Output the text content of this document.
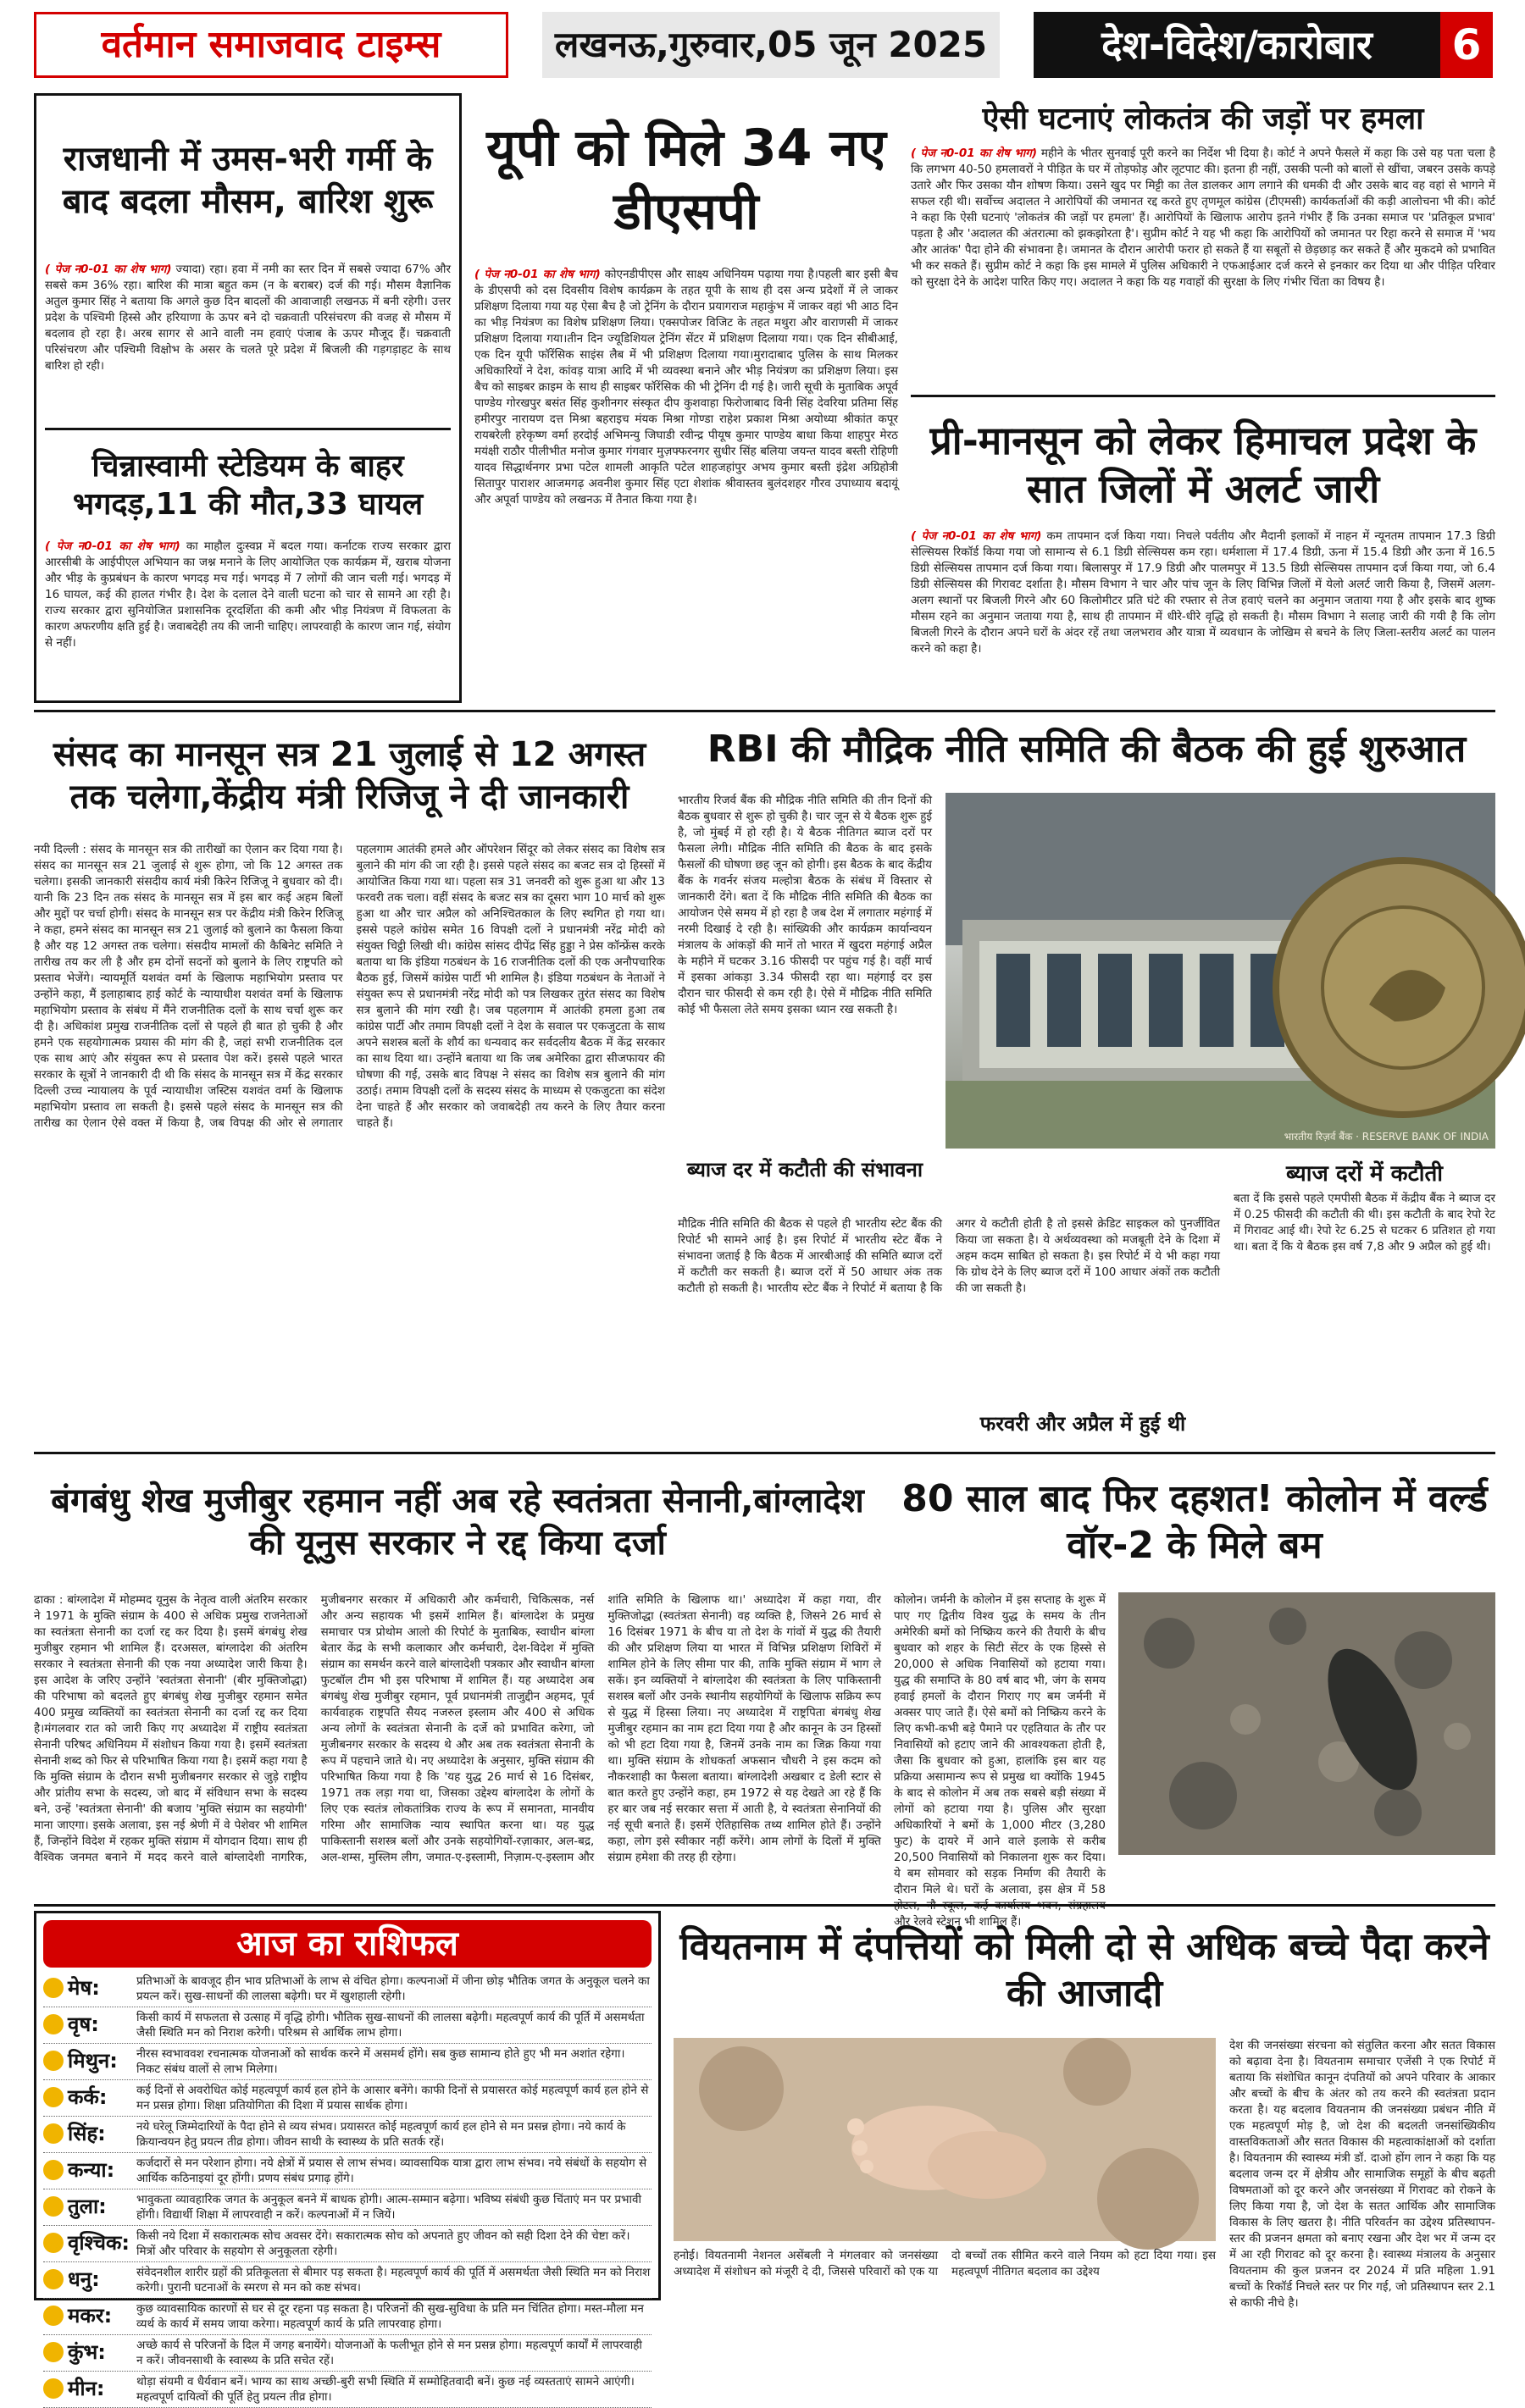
वर्तमान समाजवाद टाइम्स	लखनऊ,गुरुवार,05 जून 2025	देश-विदेश/कारोबार	6
राजधानी में उमस-भरी गर्मी के बाद बदला मौसम, बारिश शुरू
( पेज न0-01 का शेष भाग) ज्यादा) रहा। हवा में नमी का स्तर दिन में सबसे ज्यादा 67% और सबसे कम 36% रहा। बारिश की मात्रा बहुत कम (न के बराबर) दर्ज की गई। मौसम वैज्ञानिक अतुल कुमार सिंह ने बताया कि अगले कुछ दिन बादलों की आवाजाही लखनऊ में बनी रहेगी। उत्तर प्रदेश के पश्चिमी हिस्से और हरियाणा के ऊपर बने दो चक्रवाती परिसंचरण की वजह से मौसम में बदलाव हो रहा है। अरब सागर से आने वाली नम हवाएं पंजाब के ऊपर मौजूद हैं। चक्रवाती परिसंचरण और पश्चिमी विक्षोभ के असर के चलते पूरे प्रदेश में बिजली की गड़गड़ाहट के साथ बारिश हो रही।
चिन्नास्वामी स्टेडियम के बाहर भगदड़,11 की मौत,33 घायल
( पेज न0-01 का शेष भाग) का माहौल दुःस्वप्न में बदल गया। कर्नाटक राज्य सरकार द्वारा आरसीबी के आईपीएल अभियान का जश्न मनाने के लिए आयोजित एक कार्यक्रम में, खराब योजना और भीड़ के कुप्रबंधन के कारण भगदड़ मच गई। भगदड़ में 7 लोगों की जान चली गई। भगदड़ में 16 घायल, कई की हालत गंभीर है। देश के दलाल देने वाली घटना को चार से सामने आ रही है। राज्य सरकार द्वारा सुनियोजित प्रशासनिक दूरदर्शिता की कमी और भीड़ नियंत्रण में विफलता के कारण अफरणीय क्षति हुई है। जवाबदेही तय की जानी चाहिए। लापरवाही के कारण जान गई, संयोग से नहीं।
यूपी को मिले 34 नए डीएसपी
( पेज न0-01 का शेष भाग) कोएनडीपीएस और साक्ष्य अधिनियम पढ़ाया गया है।पहली बार इसी बैच के डीएसपी को दस दिवसीय विशेष कार्यक्रम के तहत यूपी के साथ ही दस अन्य प्रदेशों में ले जाकर प्रशिक्षण दिलाया गया यह ऐसा बैच है जो ट्रेनिंग के दौरान प्रयागराज महाकुंभ में जाकर वहां भी आठ दिन का भीड़ नियंत्रण का विशेष प्रशिक्षण लिया। एक्सपोजर विजिट के तहत मथुरा और वाराणसी में जाकर प्रशिक्षण दिलाया गया।तीन दिन ज्यूडिशियल ट्रेनिंग सेंटर में प्रशिक्षण दिलाया गया। एक दिन सीबीआई, एक दिन यूपी फॉरेंसिक साइंस लैब में भी प्रशिक्षण दिलाया गया।मुरादाबाद पुलिस के साथ मिलकर अधिकारियों ने देश, कांवड़ यात्रा आदि में भी व्यवस्था बनाने और भीड़ नियंत्रण का प्रशिक्षण लिया। इस बैच को साइबर क्राइम के साथ ही साइबर फॉरेंसिक की भी ट्रेनिंग दी गई है। जारी सूची के मुताबिक अपूर्व पाण्डेय गोरखपुर बसंत सिंह कुशीनगर संस्कृत दीप कुशवाहा फिरोजाबाद विनी सिंह देवरिया प्रतिमा सिंह हमीरपुर नारायण दत्त मिश्रा बहराइच मंयक मिश्रा गोण्डा राहेश प्रकाश मिश्रा अयोध्या श्रीकांत कपूर रायबरेली हरेकृष्ण वर्मा हरदोई अभिमन्यु जिघाडी रवीन्द्र पीयूष कुमार पाण्डेय बाधा किया शाहपुर मेरठ मयंक्षी राठौर पीलीभीत मनोज कुमार गंगवार मुज़फ्फरनगर सुधीर सिंह बलिया जयन्त यादव बस्ती रोहिणी यादव सिद्धार्थनगर प्रभा पटेल शामली आकृति पटेल शाहजहांपुर अभय कुमार बस्ती इंद्रेश अग्रिहोत्री सितापुर पाराशर आजमगढ़ अवनीश कुमार सिंह एटा शेशांक श्रीवास्तव बुलंदशहर गौरव उपाध्याय बदायूं और अपूर्वा पाण्डेय को लखनऊ में तैनात किया गया है।
ऐसी घटनाएं लोकतंत्र की जड़ों पर हमला
( पेज न0-01 का शेष भाग) महीने के भीतर सुनवाई पूरी करने का निर्देश भी दिया है। कोर्ट ने अपने फैसले में कहा कि उसे यह पता चला है कि लगभग 40-50 हमलावरों ने पीड़ित के घर में तोड़फोड़ और लूटपाट की। इतना ही नहीं, उसकी पत्नी को बालों से खींचा, जबरन उसके कपड़े उतारे और फिर उसका यौन शोषण किया। उसने खुद पर मिट्टी का तेल डालकर आग लगाने की धमकी दी और उसके बाद वह वहां से भागने में सफल रही थी। सर्वोच्च अदालत ने आरोपियों की जमानत रद्द करते हुए तृणमूल कांग्रेस (टीएमसी) कार्यकर्ताओं की कड़ी आलोचना भी की। कोर्ट ने कहा कि ऐसी घटनाएं 'लोकतंत्र की जड़ों पर हमला' हैं। आरोपियों के खिलाफ आरोप इतने गंभीर हैं कि उनका समाज पर 'प्रतिकूल प्रभाव' पड़ता है और 'अदालत की अंतरात्मा को झकझोरता है'। सुप्रीम कोर्ट ने यह भी कहा कि आरोपियों को जमानत पर रिहा करने से समाज में 'भय और आतंक' पैदा होने की संभावना है। जमानत के दौरान आरोपी फरार हो सकते हैं या सबूतों से छेड़छाड़ कर सकते हैं और मुकदमे को प्रभावित भी कर सकते हैं। सुप्रीम कोर्ट ने कहा कि इस मामले में पुलिस अधिकारी ने एफआईआर दर्ज करने से इनकार कर दिया था और पीड़ित परिवार को सुरक्षा देने के आदेश पारित किए गए। अदालत ने कहा कि यह गवाहों की सुरक्षा के लिए गंभीर चिंता का विषय है।
प्री-मानसून को लेकर हिमाचल प्रदेश के सात जिलों में अलर्ट जारी
( पेज न0-01 का शेष भाग) कम तापमान दर्ज किया गया। निचले पर्वतीय और मैदानी इलाकों में नाहन में न्यूनतम तापमान 17.3 डिग्री सेल्सियस रिकॉर्ड किया गया जो सामान्य से 6.1 डिग्री सेल्सियस कम रहा। धर्मशाला में 17.4 डिग्री, ऊना में 15.4 डिग्री और ऊना में 16.5 डिग्री सेल्सियस तापमान दर्ज किया गया। बिलासपुर में 17.9 डिग्री और पालमपुर में 13.5 डिग्री सेल्सियस तापमान दर्ज किया गया, जो 6.4 डिग्री सेल्सियस की गिरावट दर्शाता है। मौसम विभाग ने चार और पांच जून के लिए विभिन्न जिलों में येलो अलर्ट जारी किया है, जिसमें अलग-अलग स्थानों पर बिजली गिरने और 60 किलोमीटर प्रति घंटे की रफ्तार से तेज हवाएं चलने का अनुमान जताया गया है और इसके बाद शुष्क मौसम रहने का अनुमान जताया गया है, साथ ही तापमान में धीरे-धीरे वृद्धि हो सकती है। मौसम विभाग ने सलाह जारी की गयी है कि लोग बिजली गिरने के दौरान अपने घरों के अंदर रहें तथा जलभराव और यात्रा में व्यवधान के जोखिम से बचने के लिए जिला-स्तरीय अलर्ट का पालन करने को कहा है।
संसद का मानसून सत्र 21 जुलाई से 12 अगस्त तक चलेगा,केंद्रीय मंत्री रिजिजू ने दी जानकारी
नयी दिल्ली : संसद के मानसून सत्र की तारीखों का ऐलान कर दिया गया है। संसद का मानसून सत्र 21 जुलाई से शुरू होगा, जो कि 12 अगस्त तक चलेगा। इसकी जानकारी संसदीय कार्य मंत्री किरेन रिजिजू ने बुधवार को दी। यानी कि 23 दिन तक संसद के मानसून सत्र में इस बार कई अहम बिलों और मुद्दों पर चर्चा होगी। संसद के मानसून सत्र पर केंद्रीय मंत्री किरेन रिजिजू ने कहा, हमने संसद का मानसून सत्र 21 जुलाई को बुलाने का फैसला किया है और यह 12 अगस्त तक चलेगा। संसदीय मामलों की कैबिनेट समिति ने तारीख तय कर ली है और हम दोनों सदनों को बुलाने के लिए राष्ट्रपति को प्रस्ताव भेजेंगे। न्यायमूर्ति यशवंत वर्मा के खिलाफ महाभियोग प्रस्ताव पर उन्होंने कहा, मैं इलाहाबाद हाई कोर्ट के न्यायाधीश यशवंत वर्मा के खिलाफ महाभियोग प्रस्ताव के संबंध में मैंने राजनीतिक दलों के साथ चर्चा शुरू कर दी है। अधिकांश प्रमुख राजनीतिक दलों से पहले ही बात हो चुकी है और हमने एक सहयोगात्मक प्रयास की मांग की है, जहां सभी राजनीतिक दल एक साथ आएं और संयुक्त रूप से प्रस्ताव पेश करें। इससे पहले भारत सरकार के सूत्रों ने जानकारी दी थी कि संसद के मानसून सत्र में केंद्र सरकार दिल्ली उच्च न्यायालय के पूर्व न्यायाधीश जस्टिस यशवंत वर्मा के खिलाफ महाभियोग प्रस्ताव ला सकती है। इससे पहले संसद के मानसून सत्र की तारीख का ऐलान ऐसे वक्त में किया है, जब विपक्ष की ओर से लगातार पहलगाम आतंकी हमले और ऑपरेशन सिंदूर को लेकर संसद का विशेष सत्र बुलाने की मांग की जा रही है। इससे पहले संसद का बजट सत्र दो हिस्सों में आयोजित किया गया था। पहला सत्र 31 जनवरी को शुरू हुआ था और 13 फरवरी तक चला। वहीं संसद के बजट सत्र का दूसरा भाग 10 मार्च को शुरू हुआ था और चार अप्रैल को अनिश्चितकाल के लिए स्थगित हो गया था। इससे पहले कांग्रेस समेत 16 विपक्षी दलों ने प्रधानमंत्री नरेंद्र मोदी को संयुक्त चिट्ठी लिखी थी। कांग्रेस सांसद दीपेंद्र सिंह हुड्डा ने प्रेस कॉन्फ्रेंस करके बताया था कि इंडिया गठबंधन के 16 राजनीतिक दलों की एक अनौपचारिक बैठक हुई, जिसमें कांग्रेस पार्टी भी शामिल है। इंडिया गठबंधन के नेताओं ने संयुक्त रूप से प्रधानमंत्री नरेंद्र मोदी को पत्र लिखकर तुरंत संसद का विशेष सत्र बुलाने की मांग रखी है। जब पहलगाम में आतंकी हमला हुआ तब कांग्रेस पार्टी और तमाम विपक्षी दलों ने देश के सवाल पर एकजुटता के साथ अपने सशस्त्र बलों के शौर्य का धन्यवाद कर सर्वदलीय बैठक में केंद्र सरकार का साथ दिया था। उन्होंने बताया था कि जब अमेरिका द्वारा सीजफायर की घोषणा की गई, उसके बाद विपक्ष ने संसद का विशेष सत्र बुलाने की मांग उठाई। तमाम विपक्षी दलों के सदस्य संसद के माध्यम से एकजुटता का संदेश देना चाहते हैं और सरकार को जवाबदेही तय करने के लिए तैयार करना चाहते हैं।
RBI की मौद्रिक नीति समिति की बैठक की हुई शुरुआत
भारतीय रिजर्व बैंक की मौद्रिक नीति समिति की तीन दिनों की बैठक बुधवार से शुरू हो चुकी है। चार जून से ये बैठक शुरू हुई है, जो मुंबई में हो रही है। ये बैठक नीतिगत ब्याज दरों पर फैसला लेगी। मौद्रिक नीति समिति की बैठक के बाद इसके फैसलों की घोषणा छह जून को होगी। इस बैठक के बाद केंद्रीय बैंक के गवर्नर संजय मल्होत्रा बैठक के संबंध में विस्तार से जानकारी देंगे। बता दें कि मौद्रिक नीति समिति की बैठक का आयोजन ऐसे समय में हो रहा है जब देश में लगातार महंगाई में नरमी दिखाई दे रही है। सांख्यिकी और कार्यक्रम कार्यान्वयन मंत्रालय के आंकड़ों की मानें तो भारत में खुदरा महंगाई अप्रैल के महीने में घटकर 3.16 फीसदी पर पहुंच गई है। वहीं मार्च में इसका आंकड़ा 3.34 फीसदी रहा था। महंगाई दर इस दौरान चार फीसदी से कम रही है। ऐसे में मौद्रिक नीति समिति कोई भी फैसला लेते समय इसका ध्यान रख सकती है।
भारतीय रिज़र्व बैंक · RESERVE BANK OF INDIA
ब्याज दर में कटौती की संभावना
मौद्रिक नीति समिति की बैठक से पहले ही भारतीय स्टेट बैंक की रिपोर्ट भी सामने आई है। इस रिपोर्ट में भारतीय स्टेट बैंक ने संभावना जताई है कि बैठक में आरबीआई की समिति ब्याज दरों में कटौती कर सकती है। ब्याज दरों में 50 आधार अंक तक कटौती हो सकती है। भारतीय स्टेट बैंक ने रिपोर्ट में बताया है कि अगर ये कटौती होती है तो इससे क्रेडिट साइकल को पुनर्जीवित किया जा सकता है। ये अर्थव्यवस्था को मजबूती देने के दिशा में अहम कदम साबित हो सकता है। इस रिपोर्ट में ये भी कहा गया कि ग्रोथ देने के लिए ब्याज दरों में 100 आधार अंकों तक कटौती की जा सकती है।
फरवरी और अप्रैल में हुई थी
ब्याज दरों में कटौती
बता दें कि इससे पहले एमपीसी बैठक में केंद्रीय बैंक ने ब्याज दर में 0.25 फीसदी की कटौती की थी। इस कटौती के बाद रेपो रेट में गिरावट आई थी। रेपो रेट 6.25 से घटकर 6 प्रतिशत हो गया था। बता दें कि ये बैठक इस वर्ष 7,8 और 9 अप्रैल को हुई थी।
बंगबंधु शेख मुजीबुर रहमान नहीं अब रहे स्वतंत्रता सेनानी,बांग्लादेश की यूनुस सरकार ने रद्द किया दर्जा
ढाका : बांग्लादेश में मोहम्मद यूनुस के नेतृत्व वाली अंतरिम सरकार ने 1971 के मुक्ति संग्राम के 400 से अधिक प्रमुख राजनेताओं का स्वतंत्रता सेनानी का दर्जा रद्द कर दिया है। इसमें बंगबंधु शेख मुजीबुर रहमान भी शामिल हैं। दरअसल, बांग्लादेश की अंतरिम सरकार ने स्वतंत्रता सेनानी की एक नया अध्यादेश जारी किया है। इस आदेश के जरिए उन्होंने 'स्वतंत्रता सेनानी' (बीर मुक्तिजोद्धा) की परिभाषा को बदलते हुए बंगबंधु शेख मुजीबुर रहमान समेत 400 प्रमुख व्यक्तियों का स्वतंत्रता सेनानी का दर्जा रद्द कर दिया है।मंगलवार रात को जारी किए गए अध्यादेश में राष्ट्रीय स्वतंत्रता सेनानी परिषद अधिनियम में संशोधन किया गया है। इसमें स्वतंत्रता सेनानी शब्द को फिर से परिभाषित किया गया है। इसमें कहा गया है कि मुक्ति संग्राम के दौरान सभी मुजीबनगर सरकार से जुड़े राष्ट्रीय और प्रांतीय सभा के सदस्य, जो बाद में संविधान सभा के सदस्य बने, उन्हें 'स्वतंत्रता सेनानी' की बजाय 'मुक्ति संग्राम का सहयोगी' माना जाएगा। इसके अलावा, इस नई श्रेणी में वे पेशेवर भी शामिल हैं, जिन्होंने विदेश में रहकर मुक्ति संग्राम में योगदान दिया। साथ ही वैश्विक जनमत बनाने में मदद करने वाले बांग्लादेशी नागरिक, मुजीबनगर सरकार में अधिकारी और कर्मचारी, चिकित्सक, नर्स और अन्य सहायक भी इसमें शामिल हैं। बांग्लादेश के प्रमुख समाचार पत्र प्रोथोम आलो की रिपोर्ट के मुताबिक, स्वाधीन बांग्ला बेतार केंद्र के सभी कलाकार और कर्मचारी, देश-विदेश में मुक्ति संग्राम का समर्थन करने वाले बांग्लादेशी पत्रकार और स्वाधीन बांग्ला फुटबॉल टीम भी इस परिभाषा में शामिल हैं। यह अध्यादेश अब बंगबंधु शेख मुजीबुर रहमान, पूर्व प्रधानमंत्री ताजुद्दीन अहमद, पूर्व कार्यवाहक राष्ट्रपति सैयद नजरुल इस्लाम और 400 से अधिक अन्य लोगों के स्वतंत्रता सेनानी के दर्जे को प्रभावित करेगा, जो मुजीबनगर सरकार के सदस्य थे और अब तक स्वतंत्रता सेनानी के रूप में पहचाने जाते थे। नए अध्यादेश के अनुसार, मुक्ति संग्राम की परिभाषित किया गया है कि 'यह युद्ध 26 मार्च से 16 दिसंबर, 1971 तक लड़ा गया था, जिसका उद्देश्य बांग्लादेश के लोगों के लिए एक स्वतंत्र लोकतांत्रिक राज्य के रूप में समानता, मानवीय गरिमा और सामाजिक न्याय स्थापित करना था। यह युद्ध पाकिस्तानी सशस्त्र बलों और उनके सहयोगियों-रज़ाकार, अल-बद्र, अल-शम्स, मुस्लिम लीग, जमात-ए-इस्लामी, निज़ाम-ए-इस्लाम और शांति समिति के खिलाफ था।' अध्यादेश में कहा गया, वीर मुक्तिजोद्धा (स्वतंत्रता सेनानी) वह व्यक्ति है, जिसने 26 मार्च से 16 दिसंबर 1971 के बीच या तो देश के गांवों में युद्ध की तैयारी की और प्रशिक्षण लिया या भारत में विभिन्न प्रशिक्षण शिविरों में शामिल होने के लिए सीमा पार की, ताकि मुक्ति संग्राम में भाग ले सकें। इन व्यक्तियों ने बांग्लादेश की स्वतंत्रता के लिए पाकिस्तानी सशस्त्र बलों और उनके स्थानीय सहयोगियों के खिलाफ सक्रिय रूप से युद्ध में हिस्सा लिया। नए अध्यादेश में राष्ट्रपिता बंगबंधु शेख मुजीबुर रहमान का नाम हटा दिया गया है और कानून के उन हिस्सों को भी हटा दिया गया है, जिनमें उनके नाम का जिक्र किया गया था। मुक्ति संग्राम के शोधकर्ता अफसान चौधरी ने इस कदम को नौकरशाही का फैसला बताया। बांग्लादेशी अखबार द डेली स्टार से बात करते हुए उन्होंने कहा, हम 1972 से यह देखते आ रहे हैं कि हर बार जब नई सरकार सत्ता में आती है, ये स्वतंत्रता सेनानियों की नई सूची बनाते हैं। इसमें ऐतिहासिक तथ्य शामिल होते हैं। उन्होंने कहा, लोग इसे स्वीकार नहीं करेंगे। आम लोगों के दिलों में मुक्ति संग्राम हमेशा की तरह ही रहेगा।
80 साल बाद फिर दहशत! कोलोन में वर्ल्ड वॉर-2 के मिले बम
कोलोन। जर्मनी के कोलोन में इस सप्ताह के शुरू में पाए गए द्वितीय विश्व युद्ध के समय के तीन अमेरिकी बमों को निष्क्रिय करने की तैयारी के बीच बुधवार को शहर के सिटी सेंटर के एक हिस्से से 20,000 से अधिक निवासियों को हटाया गया। युद्ध की समाप्ति के 80 वर्ष बाद भी, जंग के समय हवाई हमलों के दौरान गिराए गए बम जर्मनी में अक्सर पाए जाते हैं। ऐसे बमों को निष्क्रिय करने के लिए कभी-कभी बड़े पैमाने पर एहतियात के तौर पर निवासियों को हटाए जाने की आवश्यकता होती है, जैसा कि बुधवार को हुआ, हालांकि इस बार यह प्रक्रिया असामान्य रूप से प्रमुख था क्योंकि 1945 के बाद से कोलोन में अब तक सबसे बड़ी संख्या में लोगों को हटाया गया है। पुलिस और सुरक्षा अधिकारियों ने बमों के 1,000 मीटर (3,280 फुट) के दायरे में आने वाले इलाके से करीब 20,500 निवासियों को निकालना शुरू कर दिया। ये बम सोमवार को सड़क निर्माण की तैयारी के दौरान मिले थे। घरों के अलावा, इस क्षेत्र में 58 और रेलवे स्टेशन भी शामिल हैं।
आज का राशिफल
मेष:	प्रतिभाओं के बावजूद हीन भाव प्रतिभाओं के लाभ से वंचित होगा। कल्पनाओं में जीना छोड़ भौतिक जगत के अनुकूल चलने का प्रयत्न करें। सुख-साधनों की लालसा बढ़ेगी। घर में खुशहाली रहेगी।
वृष:	किसी कार्य में सफलता से उत्साह में वृद्धि होगी। भौतिक सुख-साधनों की लालसा बढ़ेगी। महत्वपूर्ण कार्य की पूर्ति में असमर्थता जैसी स्थिति मन को निराश करेगी। परिश्रम से आर्थिक लाभ होगा।
मिथुन: नीरस स्वभाववश रचनात्मक योजनाओं को सार्थक करने में असमर्थ होंगे। सब कुछ सामान्य होते हुए भी मन अशांत रहेगा। निकट संबंध वालों से लाभ मिलेगा।
कर्क:	कई दिनों से अवरोधित कोई महत्वपूर्ण कार्य हल होने के आसार बनेंगे। काफी दिनों से प्रयासरत कोई महत्वपूर्ण कार्य हल होने से मन प्रसन्न होगा। शिक्षा प्रतियोगिता की दिशा में प्रयास सार्थक होगा।
सिंह:	नये घरेलू जिम्मेदारियों के पैदा होने से व्यय संभव। प्रयासरत कोई महत्वपूर्ण कार्य हल होने से मन प्रसन्न होगा। नये कार्य के क्रियान्वयन हेतु प्रयत्न तीव्र होगा। जीवन साथी के स्वास्थ्य के प्रति सतर्क रहें।
कन्या: कर्जदारों से मन परेशान होगा। नये क्षेत्रों में प्रयास से लाभ संभव। व्यावसायिक यात्रा द्वारा लाभ संभव। नये संबंधों के सहयोग से आर्थिक कठिनाइयां दूर होंगी। प्रणय संबंध प्रगाढ़ होंगे।
तुला:	भावुकता व्यावहारिक जगत के अनुकूल बनने में बाधक होगी। आत्म-सम्मान बढ़ेगा। भविष्य संबंधी कुछ चिंताएं मन पर प्रभावी होंगी। विद्यार्थी शिक्षा में लापरवाही न करें। कल्पनाओं में न जियें।
वृश्चिक: किसी नये दिशा में सकारात्मक सोच अवसर देंगे। सकारात्मक सोच को अपनाते हुए जीवन को सही दिशा देने की चेष्टा करें। मित्रों और परिवार के सहयोग से अनुकूलता रहेगी।
धनु:	संवेदनशील शारीर ग्रहों की प्रतिकूलता से बीमार पड़ सकता है। महत्वपूर्ण कार्य की पूर्ति में असमर्थता जैसी स्थिति मन को निराश करेगी। पुरानी घटनाओं के स्मरण से मन को कष्ट संभव।
मकर: कुछ व्यावसायिक कारणों से घर से दूर रहना पड़ सकता है। परिजनों की सुख-सुविधा के प्रति मन चिंतित होगा। मस्त-मौला मन व्यर्थ के कार्य में समय जाया करेगा। महत्वपूर्ण कार्य के प्रति लापरवाह होगा।
कुंभ:	अच्छे कार्य से परिजनों के दिल में जगह बनायेंगे। योजनाओं के फलीभूत होने से मन प्रसन्न होगा। महत्वपूर्ण कार्यों में लापरवाही न करें। जीवनसाथी के स्वास्थ्य के प्रति सचेत रहें।
मीन:	थोड़ा संयमी व धैर्यवान बनें। भाग्य का साथ अच्छी-बुरी सभी स्थिति में सम्मोहितवादी बनें। कुछ नई व्यस्तताएं सामने आएंगी। महत्वपूर्ण दायित्वों की पूर्ति हेतु प्रयत्न तीव्र होगा।
वियतनाम में दंपत्तियों को मिली दो से अधिक बच्चे पैदा करने की आजादी
हनोई। वियतनामी नेशनल असेंबली ने मंगलवार को जनसंख्या अध्यादेश में संशोधन को मंजूरी दे दी, जिससे परिवारों को एक या दो बच्चों तक सीमित करने वाले नियम को हटा दिया गया। इस महत्वपूर्ण नीतिगत बदलाव का उद्देश्य
देश की जनसंख्या संरचना को संतुलित करना और सतत विकास को बढ़ावा देना है। वियतनाम समाचार एजेंसी ने एक रिपोर्ट में बताया कि संशोधित कानून दंपतियों को अपने परिवार के आकार और बच्चों के बीच के अंतर को तय करने की स्वतंत्रता प्रदान करता है। यह बदलाव वियतनाम की जनसंख्या प्रबंधन नीति में एक महत्वपूर्ण मोड़ है, जो देश की बदलती जनसांख्यिकीय वास्तविकताओं और सतत विकास की महत्वाकांक्षाओं को दर्शाता है। वियतनाम की स्वास्थ्य मंत्री डॉ. दाओ होंग लान ने कहा कि यह बदलाव जन्म दर में क्षेत्रीय और सामाजिक समूहों के बीच बढ़ती विषमताओं को दूर करने और जनसंख्या में गिरावट को रोकने के लिए किया गया है, जो देश के सतत आर्थिक और सामाजिक विकास के लिए खतरा है। नीति परिवर्तन का उद्देश्य प्रतिस्थापन-स्तर की प्रजनन क्षमता को बनाए रखना और देश भर में जन्म दर में आ रही गिरावट को दूर करना है। स्वास्थ्य मंत्रालय के अनुसार वियतनाम की कुल प्रजनन दर 2024 में प्रति महिला 1.91 बच्चों के रिकॉर्ड निचले स्तर पर गिर गई, जो प्रतिस्थापन स्तर 2.1 से काफी नीचे है।
